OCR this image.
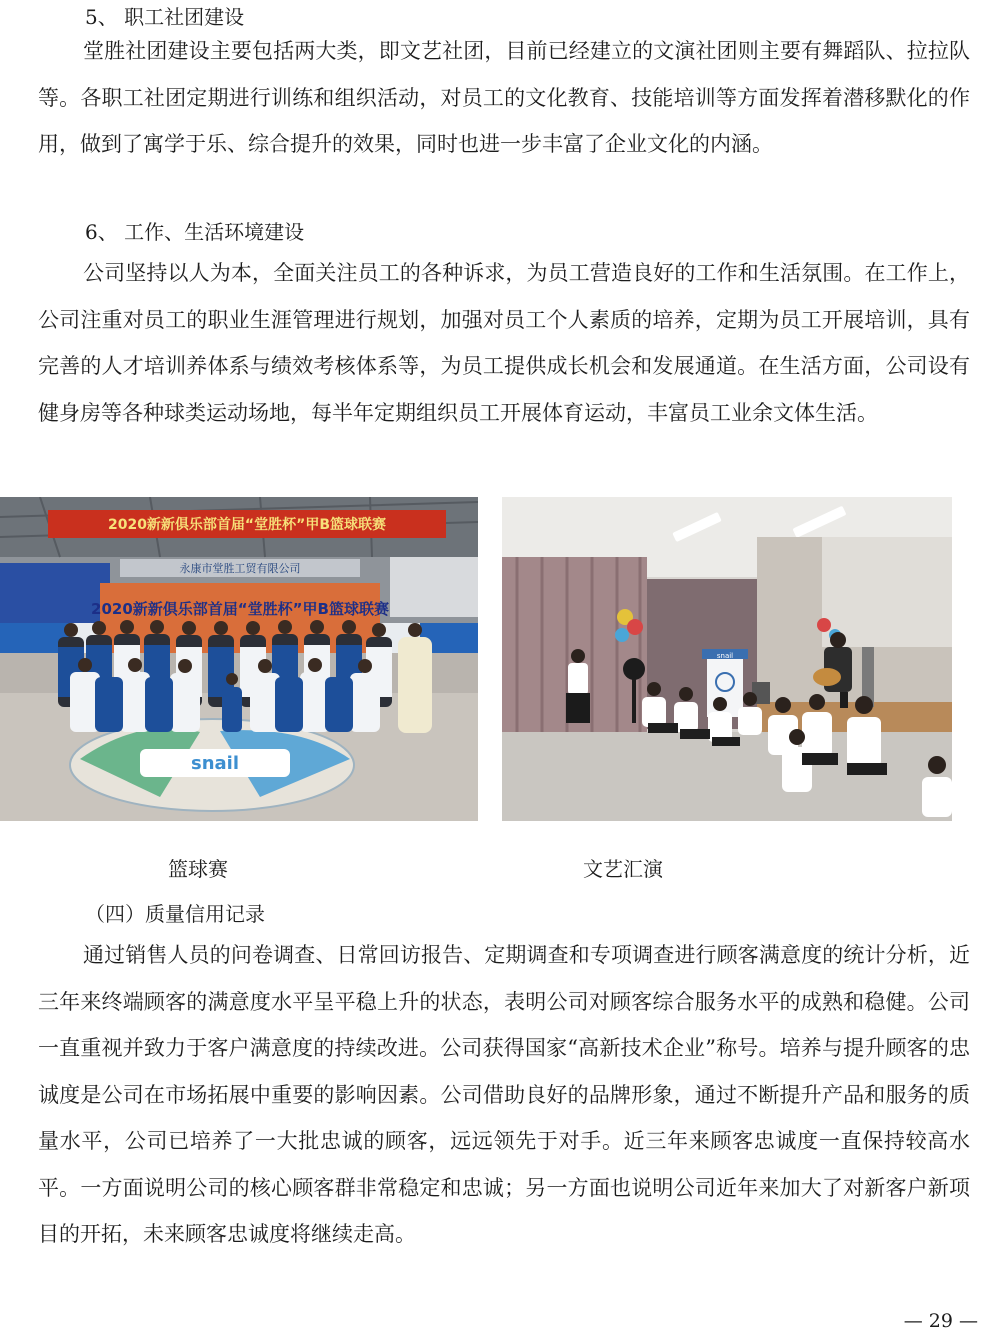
5、 职工社团建设

堂胜社团建设主要包括两大类，即文艺社团，目前已经建立的文演社团则主要有舞蹈队、拉拉队等。各职工社团定期进行训练和组织活动，对员工的文化教育、技能培训等方面发挥着潜移默化的作用，做到了寓学于乐、综合提升的效果，同时也进一步丰富了企业文化的内涵。

6、 工作、生活环境建设

公司坚持以人为本，全面关注员工的各种诉求，为员工营造良好的工作和生活氛围。在工作上，公司注重对员工的职业生涯管理进行规划，加强对员工个人素质的培养，定期为员工开展培训，具有完善的人才培训养体系与绩效考核体系等，为员工提供成长机会和发展通道。在生活方面，公司设有健身房等各种球类运动场地，每半年定期组织员工开展体育运动，丰富员工业余文体生活。

2020新新俱乐部首届“堂胜杯”甲B篮球联赛
永康市堂胜工贸有限公司
2020新新俱乐部首届“堂胜杯”甲B篮球联赛
snail
snail
篮球赛	文艺汇演
（四）质量信用记录

通过销售人员的问卷调查、日常回访报告、定期调查和专项调查进行顾客满意度的统计分析，近三年来终端顾客的满意度水平呈平稳上升的状态，表明公司对顾客综合服务水平的成熟和稳健。公司一直重视并致力于客户满意度的持续改进。公司获得国家“高新技术企业”称号。培养与提升顾客的忠诚度是公司在市场拓展中重要的影响因素。公司借助良好的品牌形象，通过不断提升产品和服务的质量水平，公司已培养了一大批忠诚的顾客，远远领先于对手。近三年来顾客忠诚度一直保持较高水平。一方面说明公司的核心顾客群非常稳定和忠诚；另一方面也说明公司近年来加大了对新客户新项目的开拓，未来顾客忠诚度将继续走高。

— 29 —
